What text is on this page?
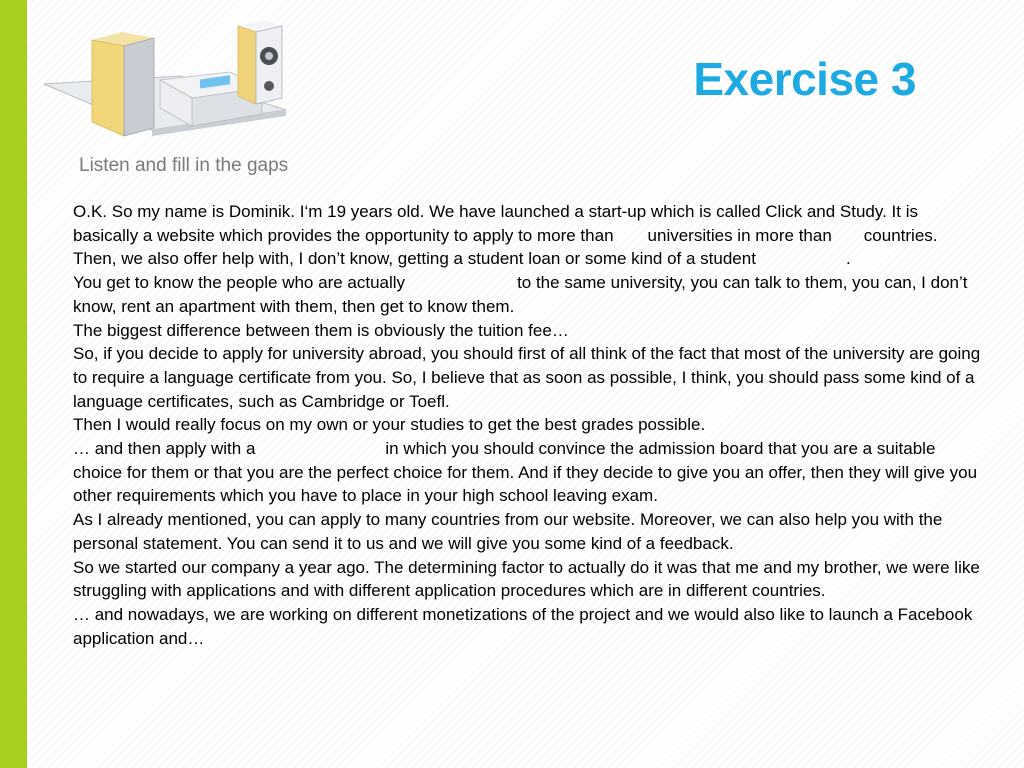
Exercise 3
Listen and fill in the gaps

O.K. So my name is Dominik. I‘m 19 years old. We have launched a start-up which is called Click and Study. It is basically a website which provides the opportunity to apply to more than universities in more than countries.

Then, we also offer help with, I don’t know, getting a student loan or some kind of a student	.

You get to know the people who are actually	to the same university, you can talk to them, you can, I don’t know, rent an apartment with them, then get to know them.

The biggest difference between them is obviously the tuition fee…

So, if you decide to apply for university abroad, you should first of all think of the fact that most of the university are going to require a language certificate from you. So, I believe that as soon as possible, I think, you should pass some kind of a language certificates, such as Cambridge or Toefl.

Then I would really focus on my own or your studies to get the best grades possible.

… and then apply with a	in which you should convince the admission board that you are a suitable choice for them or that you are the perfect choice for them. And if they decide to give you an offer, then they will give you other requirements which you have to place in your high school leaving exam.

As I already mentioned, you can apply to many countries from our website. Moreover, we can also help you with the personal statement. You can send it to us and we will give you some kind of a feedback.

So we started our company a year ago. The determining factor to actually do it was that me and my brother, we were like struggling with applications and with different application procedures which are in different countries.

… and nowadays, we are working on different monetizations of the project and we would also like to launch a Facebook application and…
